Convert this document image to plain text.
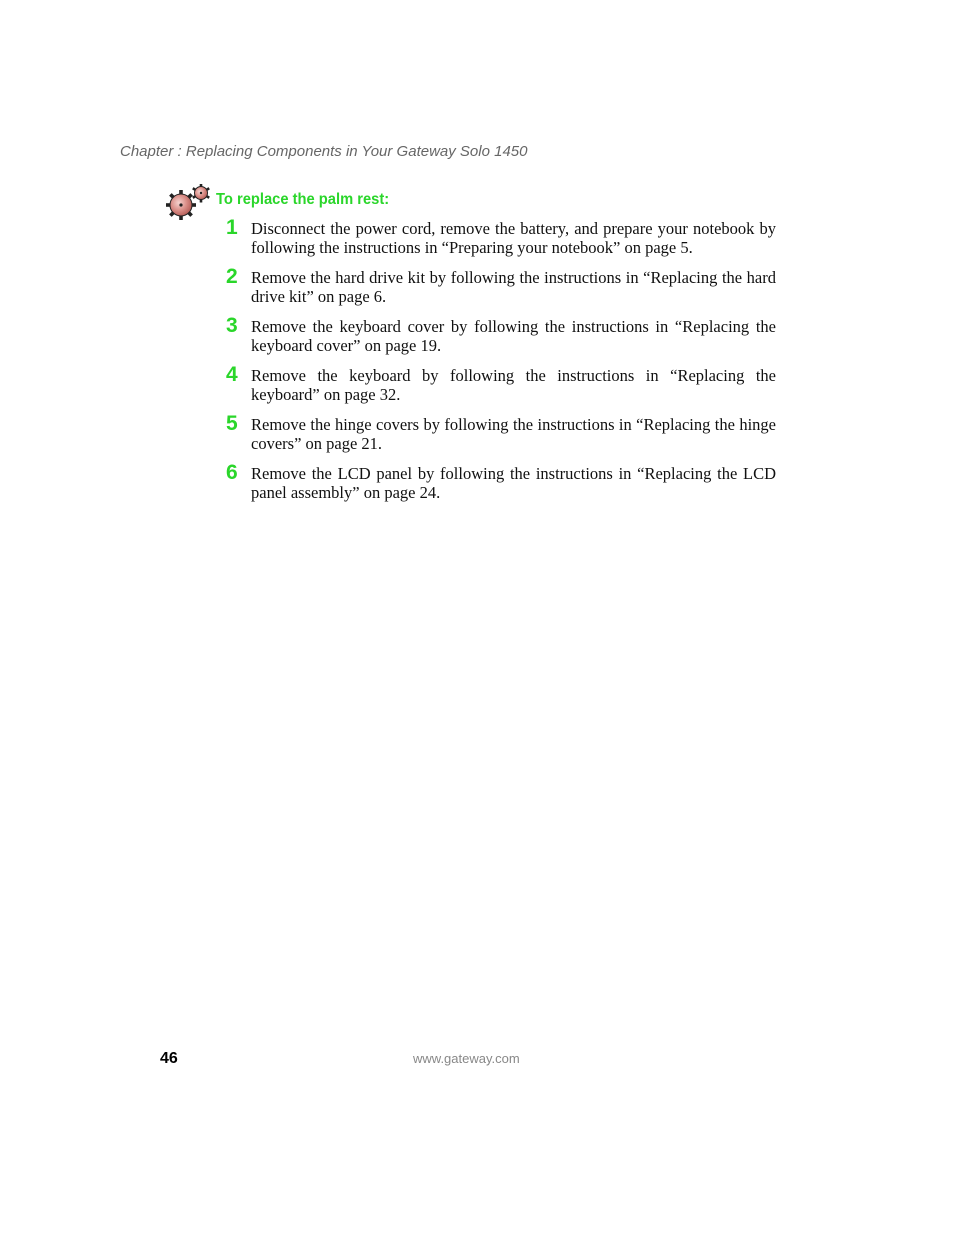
Chapter : Replacing Components in Your Gateway Solo 1450
To replace the palm rest:
1 Disconnect the power cord, remove the battery, and prepare your notebook by following the instructions in “Preparing your notebook” on page 5.

2 Remove the hard drive kit by following the instructions in “Replacing the hard drive kit” on page 6.

3 Remove the keyboard cover by following the instructions in “Replacing the keyboard cover” on page 19.

4 Remove the keyboard by following the instructions in “Replacing the keyboard” on page 32.

5 Remove the hinge covers by following the instructions in “Replacing the hinge covers” on page 21.

6 Remove the LCD panel by following the instructions in “Replacing the LCD panel assembly” on page 24.

46	www.gateway.com
